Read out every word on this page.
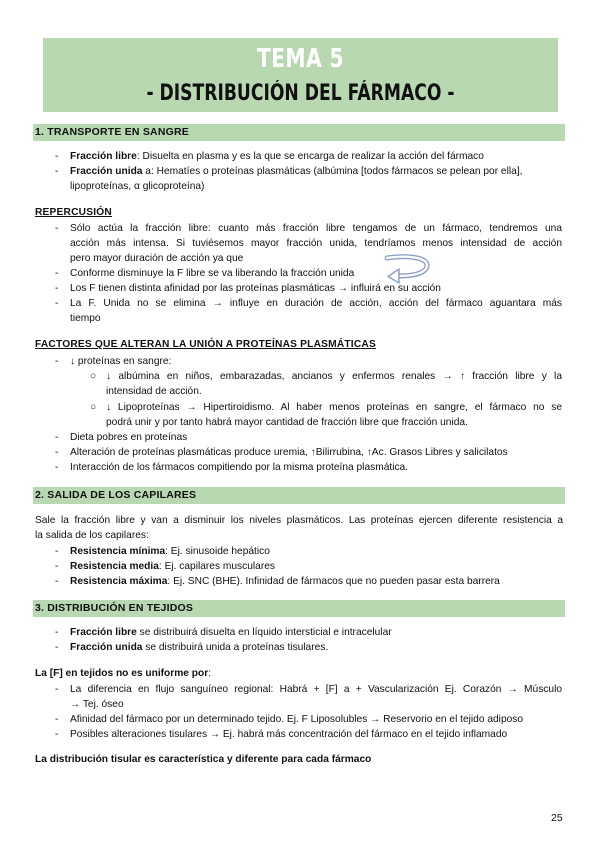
TEMA 5
- DISTRIBUCIÓN DEL FÁRMACO -
1. TRANSPORTE EN SANGRE
- Fracción libre: Disuelta en plasma y es la que se encarga de realizar la acción del fármaco
- Fracción unida a: Hematíes o proteínas plasmáticas (albúmina [todos fármacos se pelean por ella],
lipoproteínas, α glicoproteína)
REPERCUSIÓN
- Sólo actúa la fracción libre: cuanto más fracción libre tengamos de un fármaco, tendremos una
acción más intensa. Si tuviésemos mayor fracción unida, tendríamos menos intensidad de acción
pero mayor duración de acción ya que
- Conforme disminuye la F libre se va liberando la fracción unida
- Los F tienen distinta afinidad por las proteínas plasmáticas → influirá en su acción
- La F. Unida no se elimina → influye en duración de acción, acción del fármaco aguantara más
tiempo
FACTORES QUE ALTERAN LA UNIÓN A PROTEÍNAS PLASMÁTICAS
- ↓ proteínas en sangre:
○ ↓ albúmina en niños, embarazadas, ancianos y enfermos renales → ↑ fracción libre y la
intensidad de acción.
○ ↓ Lipoproteínas → Hipertiroidismo. Al haber menos proteínas en sangre, el fármaco no se
podrá unir y por tanto habrá mayor cantidad de fracción libre que fracción unida.
- Dieta pobres en proteínas
- Alteración de proteínas plasmáticas produce uremia, ↑Bilirrubina, ↑Ac. Grasos Libres y salicilatos
- Interacción de los fármacos compitiendo por la misma proteína plasmática.
2. SALIDA DE LOS CAPILARES
Sale la fracción libre y van a disminuir los niveles plasmáticos. Las proteínas ejercen diferente resistencia a
la salida de los capilares:
- Resistencia mínima: Ej. sinusoide hepático
- Resistencia media: Ej. capilares musculares
- Resistencia máxima: Ej. SNC (BHE). Infinidad de fármacos que no pueden pasar esta barrera
3. DISTRIBUCIÓN EN TEJIDOS
- Fracción libre se distribuirá disuelta en líquido intersticial e intracelular
- Fracción unida se distribuirá unida a proteínas tisulares.
La [F] en tejidos no es uniforme por:
- La diferencia en flujo sanguíneo regional: Habrá + [F] a + Vascularización Ej. Corazón → Músculo
→ Tej. óseo
- Afinidad del fármaco por un determinado tejido. Ej. F Liposolubles → Reservorio en el tejido adiposo
- Posibles alteraciones tisulares → Ej. habrá más concentración del fármaco en el tejido inflamado
La distribución tisular es característica y diferente para cada fármaco
25
